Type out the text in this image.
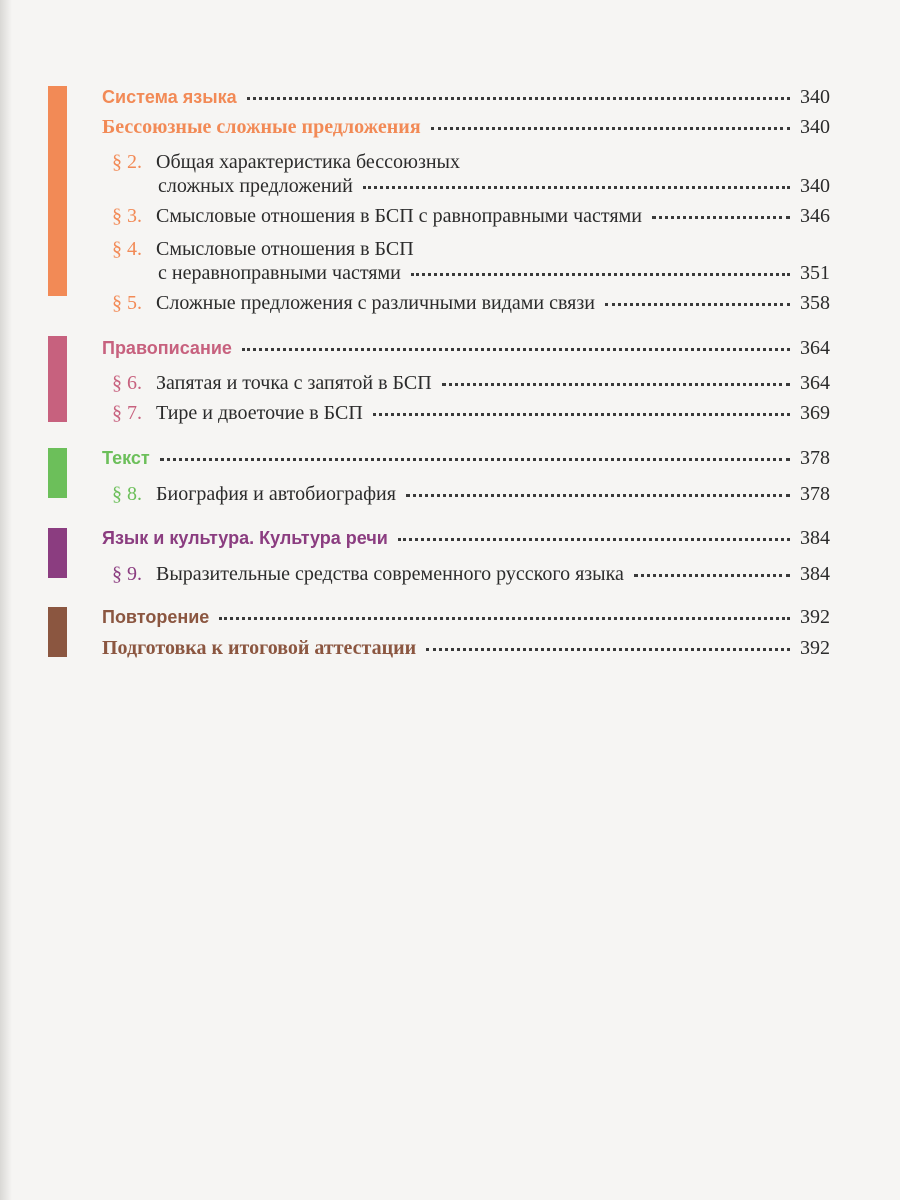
Система языка	340
Бессоюзные сложные предложения	340
§ 2. Общая характеристика бессоюзных
сложных предложений	340
§ 3. Смысловые отношения в БСП с равноправными частями	346
§ 4. Смысловые отношения в БСП
с неравноправными частями	351
§ 5. Сложные предложения с различными видами связи	358
Правописание	364
§ 6. Запятая и точка с запятой в БСП	364
§ 7. Тире и двоеточие в БСП	369
Текст	378
§ 8. Биография и автобиография	378
Язык и культура. Культура речи	384
§ 9. Выразительные средства современного русского языка	384
Повторение	392
Подготовка к итоговой аттестации	392
